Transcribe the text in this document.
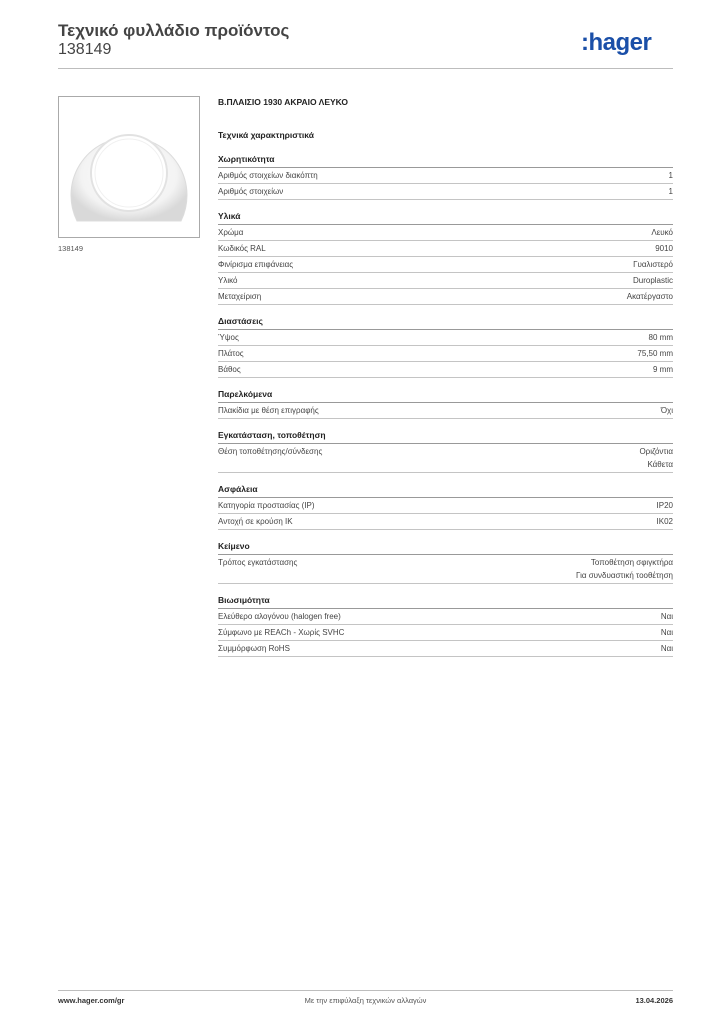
Τεχνικό φυλλάδιο προϊόντος
138149	:hager
138149
Β.ΠΛΑΙΣΙΟ 1930 ΑΚΡΑΙΟ ΛΕΥΚΟ
Τεχνικά χαρακτηριστικά
Χωρητικότητα
Αριθμός στοιχείων διακόπτη	1
Αριθμός στοιχείων	1
Υλικά
Χρώμα	Λευκό
Κωδικός RAL	9010
Φινίρισμα επιφάνειας	Γυαλιστερό
Υλικό	Duroplastic
Μεταχείριση	Ακατέργαστο
Διαστάσεις
Ύψος	80 mm
Πλάτος	75,50 mm
Βάθος	9 mm
Παρελκόμενα
Πλακίδια με θέση επιγραφής	Όχι
Εγκατάσταση, τοποθέτηση
Θέση τοποθέτησης/σύνδεσης	Οριζόντια
Κάθετα
Ασφάλεια
Κατηγορία προστασίας (IP)	IP20
Αντοχή σε κρούση IK	IK02
Κείμενο
Τρόπος εγκατάστασης	Τοποθέτηση σφιγκτήρα
Για συνδυαστική τοοθέτηση
Βιωσιμότητα
Ελεύθερο αλογόνου (halogen free)	Ναι
Σύμφωνο με REACh - Χωρίς SVHC	Ναι
Συμμόρφωση RoHS	Ναι
www.hager.com/gr	Με την επιφύλαξη τεχνικών αλλαγών	13.04.2026
